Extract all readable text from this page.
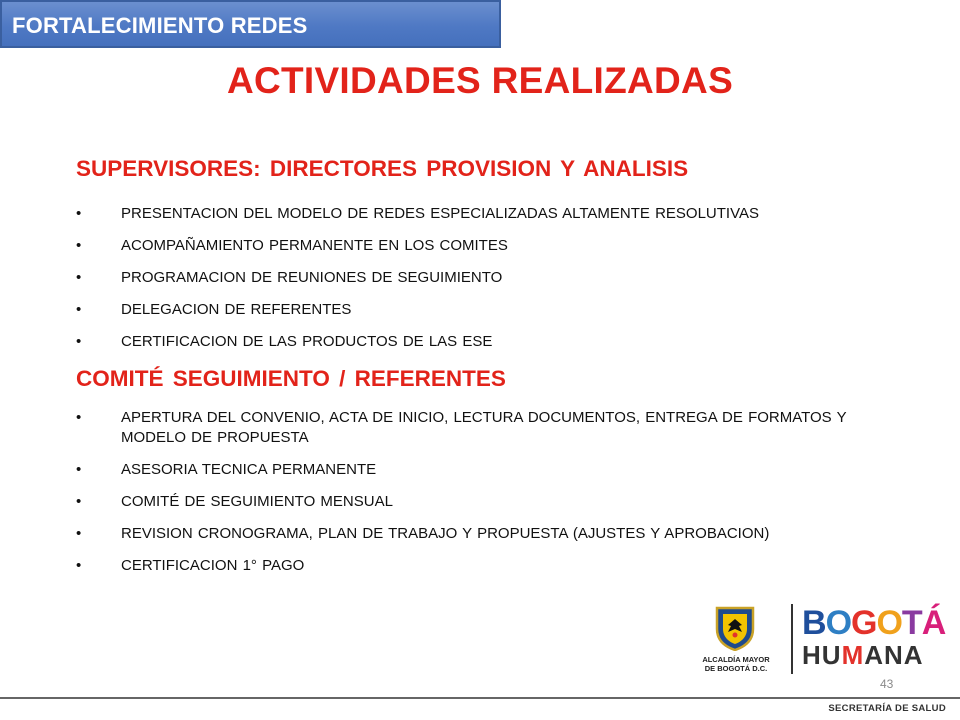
FORTALECIMIENTO REDES
ACTIVIDADES REALIZADAS
SUPERVISORES: DIRECTORES PROVISION Y ANALISIS
•	PRESENTACION DEL MODELO DE REDES ESPECIALIZADAS ALTAMENTE RESOLUTIVAS
•	ACOMPAÑAMIENTO PERMANENTE EN LOS COMITES
•	PROGRAMACION DE REUNIONES DE SEGUIMIENTO
•	DELEGACION DE REFERENTES
•	CERTIFICACION DE LAS PRODUCTOS DE LAS ESE
COMITÉ SEGUIMIENTO / REFERENTES
•	APERTURA DEL CONVENIO, ACTA DE INICIO, LECTURA DOCUMENTOS, ENTREGA DE FORMATOS Y MODELO DE PROPUESTA
•	ASESORIA TECNICA PERMANENTE
•	COMITÉ DE SEGUIMIENTO MENSUAL
•	REVISION CRONOGRAMA, PLAN DE TRABAJO Y PROPUESTA (AJUSTES Y APROBACION)
•	CERTIFICACION 1° PAGO
ALCALDÍA MAYOR
DE BOGOTÁ D.C.
BOGOTÁ
HUMANA
43
SECRETARÍA DE SALUD
